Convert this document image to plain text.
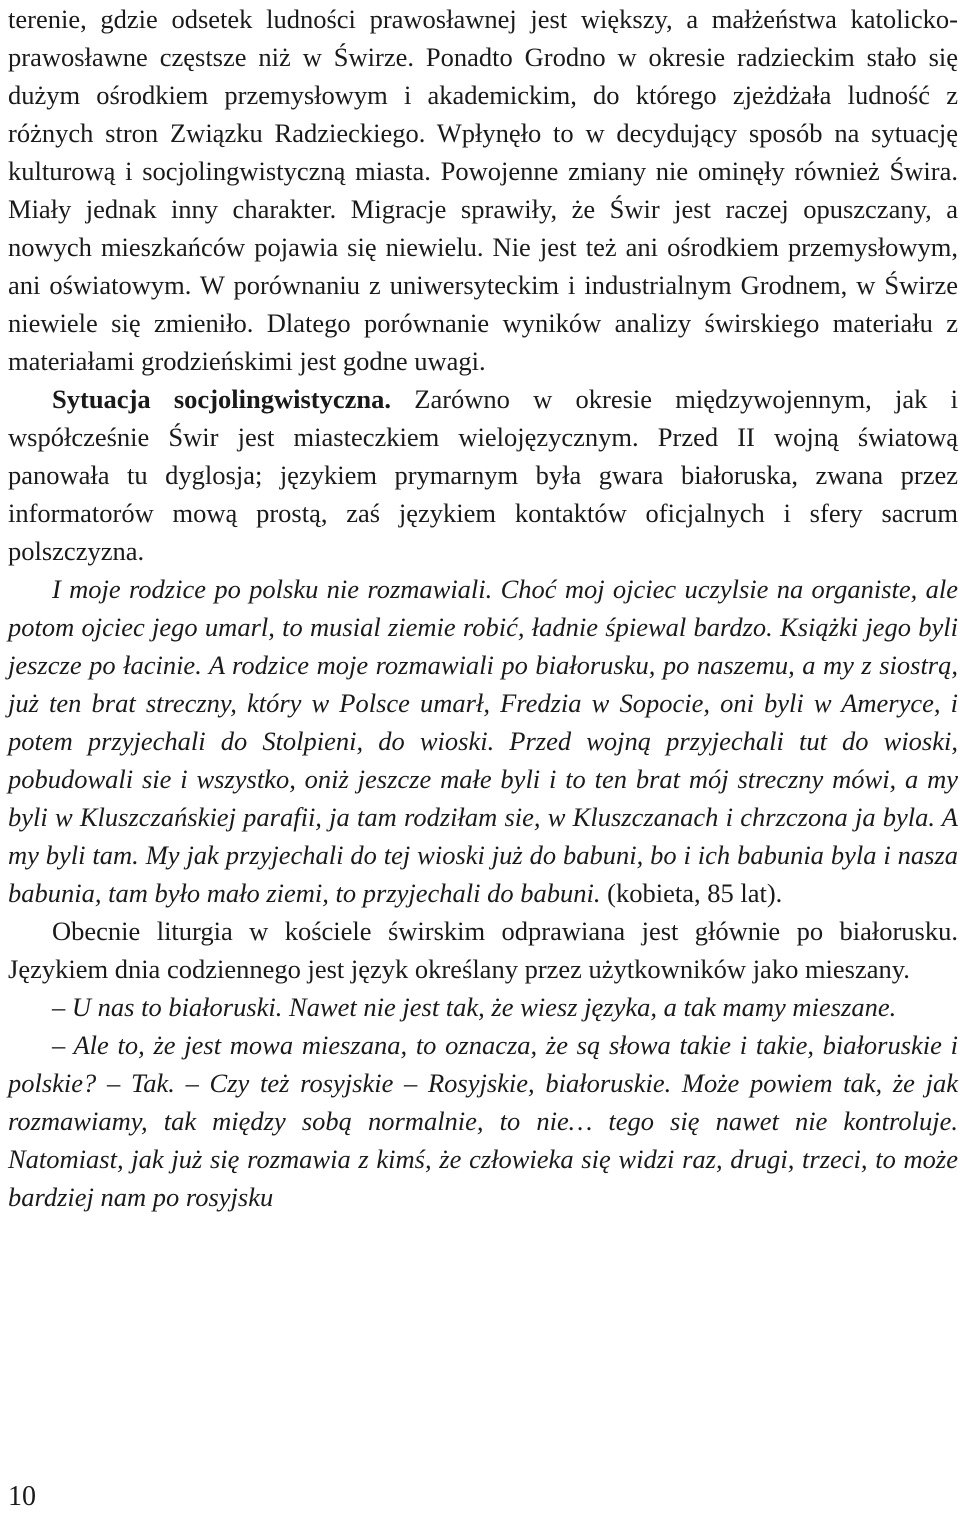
terenie, gdzie odsetek ludności prawosławnej jest większy, a małżeństwa katolicko-prawosławne częstsze niż w Świrze. Ponadto Grodno w okresie radzieckim stało się dużym ośrodkiem przemysłowym i akademickim, do którego zjeżdżała ludność z różnych stron Związku Radzieckiego. Wpłynęło to w decydujący sposób na sytuację kulturową i socjolingwistyczną miasta. Powojenne zmiany nie ominęły również Świra. Miały jednak inny charakter. Migracje sprawiły, że Świr jest raczej opuszczany, a nowych mieszkańców pojawia się niewielu. Nie jest też ani ośrodkiem przemysłowym, ani oświatowym. W porównaniu z uniwersyteckim i industrialnym Grodnem, w Świrze niewiele się zmieniło. Dlatego porównanie wyników analizy świrskiego materiału z materiałami grodzieńskimi jest godne uwagi.

Sytuacja socjolingwistyczna. Zarówno w okresie międzywojennym, jak i współcześnie Świr jest miasteczkiem wielojęzycznym. Przed II wojną światową panowała tu dyglosja; językiem prymarnym była gwara białoruska, zwana przez informatorów mową prostą, zaś językiem kontaktów oficjalnych i sfery sacrum polszczyzna.

I moje rodzice po polsku nie rozmawiali. Choć moj ojciec uczylsie na organiste, ale potom ojciec jego umarl, to musial ziemie robić, ładnie śpiewal bardzo. Książki jego byli jeszcze po łacinie. A rodzice moje rozmawiali po białorusku, po naszemu, a my z siostrą, już ten brat streczny, który w Polsce umarł, Fredzia w Sopocie, oni byli w Ameryce, i potem przyjechali do Stolpieni, do wioski. Przed wojną przyjechali tut do wioski, pobudowali sie i wszystko, oniż jeszcze małe byli i to ten brat mój streczny mówi, a my byli w Kluszczańskiej parafii, ja tam rodziłam sie, w Kluszczanach i chrzczona ja byla. A my byli tam. My jak przyjechali do tej wioski już do babuni, bo i ich babunia byla i nasza babunia, tam było mało ziemi, to przyjechali do babuni. (kobieta, 85 lat).

Obecnie liturgia w kościele świrskim odprawiana jest głównie po białorusku. Językiem dnia codziennego jest język określany przez użytkowników jako mieszany.

– U nas to białoruski. Nawet nie jest tak, że wiesz języka, a tak mamy mieszane.

– Ale to, że jest mowa mieszana, to oznacza, że są słowa takie i takie, białoruskie i polskie? – Tak. – Czy też rosyjskie – Rosyjskie, białoruskie. Może powiem tak, że jak rozmawiamy, tak między sobą normalnie, to nie… tego się nawet nie kontroluje. Natomiast, jak już się rozmawia z kimś, że człowieka się widzi raz, drugi, trzeci, to może bardziej nam po rosyjsku

10
